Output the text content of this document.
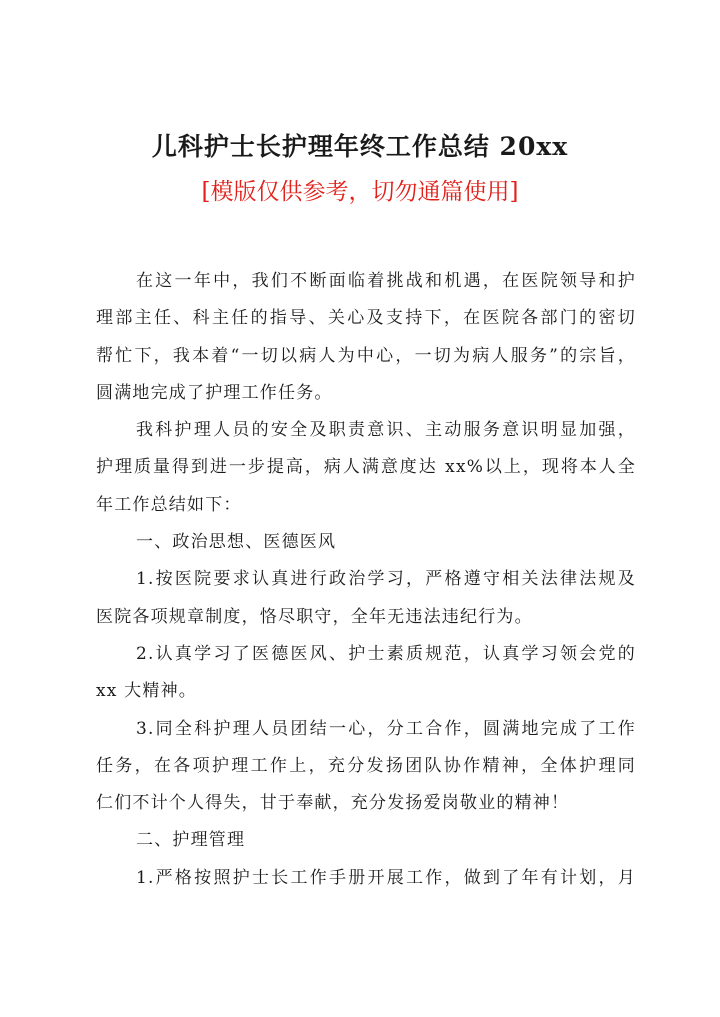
儿科护士长护理年终工作总结 20xx
[模版仅供参考，切勿通篇使用]
在这一年中，我们不断面临着挑战和机遇，在医院领导和护
理部主任、科主任的指导、关心及支持下，在医院各部门的密切
帮忙下，我本着“一切以病人为中心，一切为病人服务”的宗旨，
圆满地完成了护理工作任务。
我科护理人员的安全及职责意识、主动服务意识明显加强，
护理质量得到进一步提高，病人满意度达 xx%以上，现将本人全
年工作总结如下：
一、政治思想、医德医风
1.按医院要求认真进行政治学习，严格遵守相关法律法规及
医院各项规章制度，恪尽职守，全年无违法违纪行为。
2.认真学习了医德医风、护士素质规范，认真学习领会党的
xx 大精神。
3.同全科护理人员团结一心，分工合作，圆满地完成了工作
任务，在各项护理工作上，充分发扬团队协作精神，全体护理同
仁们不计个人得失，甘于奉献，充分发扬爱岗敬业的精神！
二、护理管理
1.严格按照护士长工作手册开展工作，做到了年有计划，月
